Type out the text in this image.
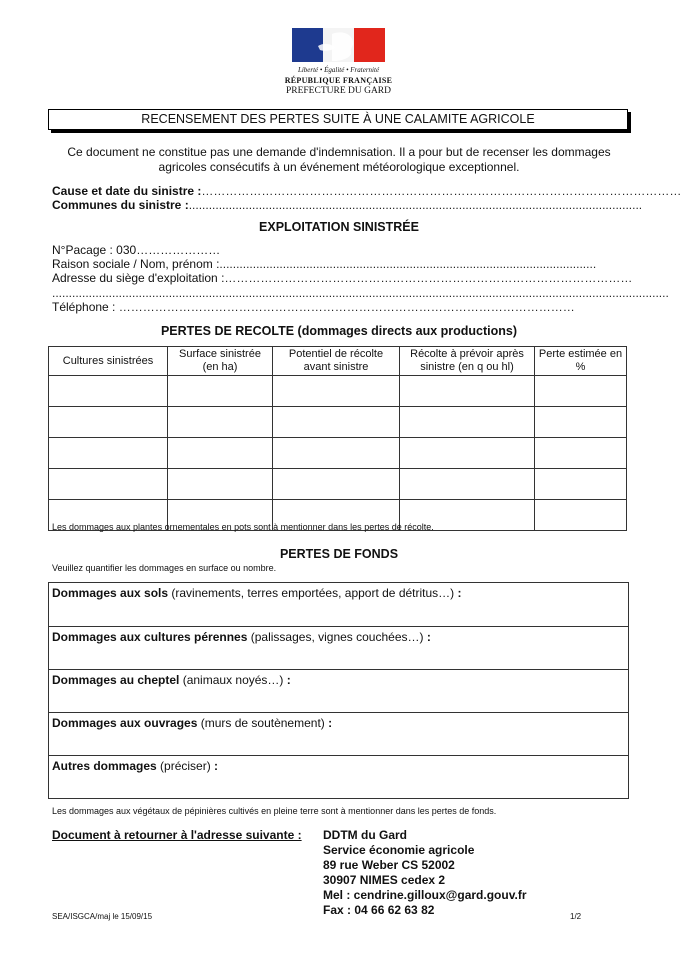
Liberté • Égalité • Fraternité
RÉPUBLIQUE FRANÇAISE
PREFECTURE DU GARD
RECENSEMENT DES PERTES SUITE À UNE CALAMITE AGRICOLE
Ce document ne constitue pas une demande d'indemnisation. Il a pour but de recenser les dommages
agricoles consécutifs à un événement météorologique exceptionnel.
Cause et date du sinistre :…………………………………………………………………………………………………………
Communes du sinistre :........................................................................................................................................
EXPLOITATION SINISTRÉE
N°Pacage : 030…………………
Raison sociale / Nom, prénom :.................................................................................................................
Adresse du siège d'exploitation :…………………………………………………………………………………………
.........................................................................................................................................................................................
Téléphone : ……………………………………………………………………………………………………
PERTES DE RECOLTE (dommages directs aux productions)
Cultures sinistrées	Surface sinistrée (en ha)	Potentiel de récolte avant sinistre	Récolte à prévoir après sinistre (en q ou hl)	Perte estimée en %

Les dommages aux plantes ornementales en pots sont à mentionner dans les pertes de récolte.
PERTES DE FONDS
Veuillez quantifier les dommages en surface ou nombre.
Dommages aux sols (ravinements, terres emportées, apport de détritus…) :
Dommages aux cultures pérennes (palissages, vignes couchées…) :
Dommages au cheptel (animaux noyés…) :
Dommages aux ouvrages (murs de soutènement) :
Autres dommages (préciser) :
Les dommages aux végétaux de pépinières cultivés en pleine terre sont à mentionner dans les pertes de fonds.
Document à retourner à l'adresse suivante : DDTM du Gard
Service économie agricole
89 rue Weber CS 52002
30907 NIMES cedex 2
Mel : cendrine.gilloux@gard.gouv.fr
Fax : 04 66 62 63 82
SEA/ISGCA/maj le 15/09/15	1/2
